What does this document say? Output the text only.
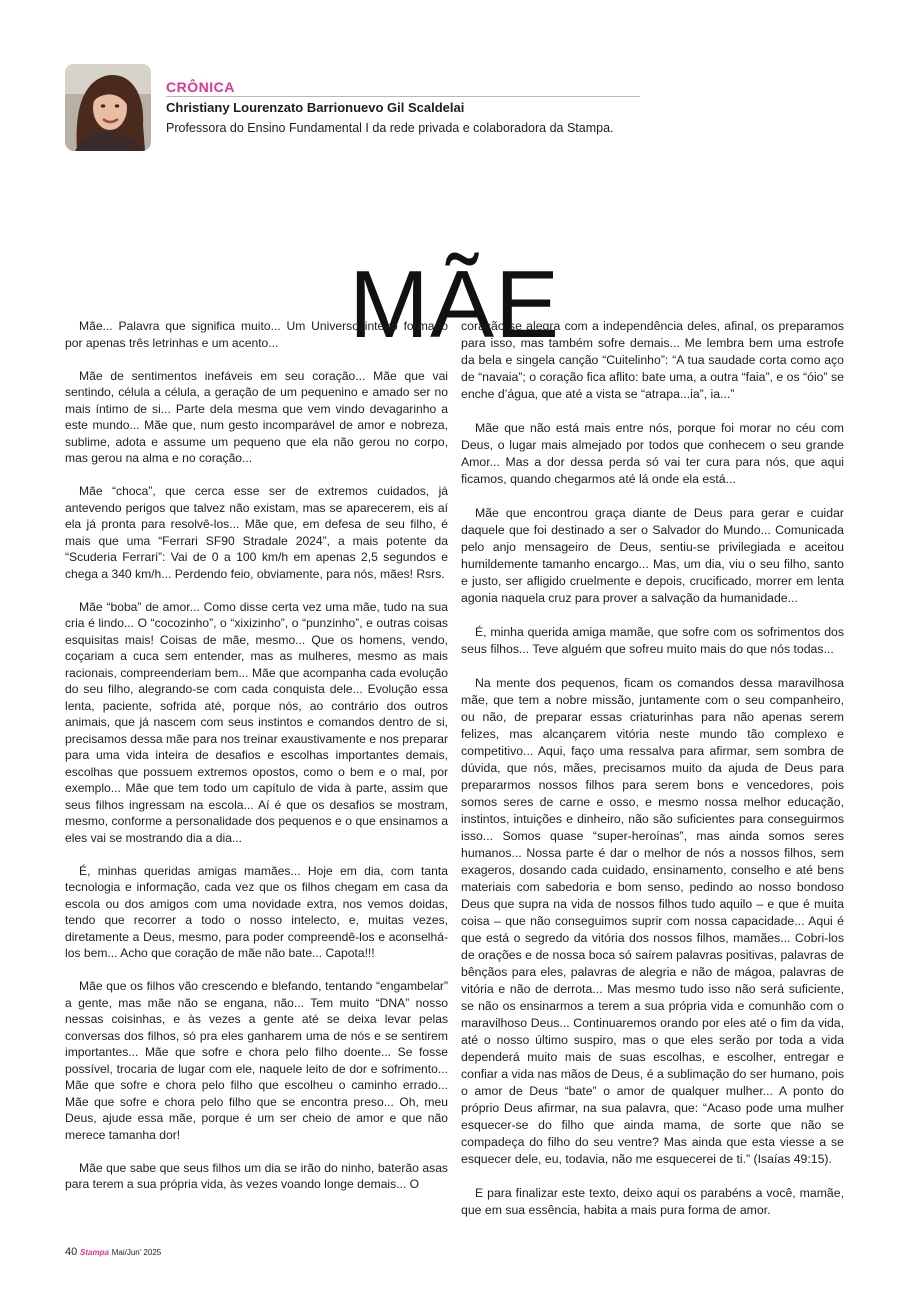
CRÔNICA
Christiany Lourenzato Barrionuevo Gil Scaldelai
Professora do Ensino Fundamental I da rede privada e colaboradora da Stampa.
MÃE

Mãe... Palavra que significa muito... Um Universo inteiro formado por apenas três letrinhas e um acento...

Mãe de sentimentos inefáveis em seu coração... Mãe que vai sentindo, célula a célula, a geração de um pequenino e amado ser no mais íntimo de si... Parte dela mesma que vem vindo devagarinho a este mundo... Mãe que, num gesto incomparável de amor e nobreza, sublime, adota e assume um pequeno que ela não gerou no corpo, mas gerou na alma e no coração...

Mãe “choca”, que cerca esse ser de extremos cuidados, já antevendo perigos que talvez não existam, mas se aparecerem, eis aí ela já pronta para resolvê-los... Mãe que, em defesa de seu filho, é mais que uma “Ferrari SF90 Stradale 2024”, a mais potente da “Scuderia Ferrari”: Vai de 0 a 100 km/h em apenas 2,5 segundos e chega a 340 km/h... Perdendo feio, obviamente, para nós, mães! Rsrs.

Mãe “boba” de amor... Como disse certa vez uma mãe, tudo na sua cria é lindo... O “cocozinho”, o “xixizinho”, o “punzinho”, e outras coisas esquisitas mais! Coisas de mãe, mesmo... Que os homens, vendo, coçariam a cuca sem entender, mas as mulheres, mesmo as mais racionais, compreenderiam bem... Mãe que acompanha cada evolução do seu filho, alegrando-se com cada conquista dele... Evolução essa lenta, paciente, sofrida até, porque nós, ao contrário dos outros animais, que já nascem com seus instintos e comandos dentro de si, precisamos dessa mãe para nos treinar exaustivamente e nos preparar para uma vida inteira de desafios e escolhas importantes demais, escolhas que possuem extremos opostos, como o bem e o mal, por exemplo... Mãe que tem todo um capítulo de vida à parte, assim que seus filhos ingressam na escola... Aí é que os desafios se mostram, mesmo, conforme a personalidade dos pequenos e o que ensinamos a eles vai se mostrando dia a dia...

É, minhas queridas amigas mamães... Hoje em dia, com tanta tecnologia e informação, cada vez que os filhos chegam em casa da escola ou dos amigos com uma novidade extra, nos vemos doidas, tendo que recorrer a todo o nosso intelecto, e, muitas vezes, diretamente a Deus, mesmo, para poder compreendê-los e aconselhá-los bem... Acho que coração de mãe não bate... Capota!!!

Mãe que os filhos vão crescendo e blefando, tentando “engambelar” a gente, mas mãe não se engana, não... Tem muito “DNA” nosso nessas coisinhas, e às vezes a gente até se deixa levar pelas conversas dos filhos, só pra eles ganharem uma de nós e se sentirem importantes... Mãe que sofre e chora pelo filho doente... Se fosse possível, trocaria de lugar com ele, naquele leito de dor e sofrimento... Mãe que sofre e chora pelo filho que escolheu o caminho errado... Mãe que sofre e chora pelo filho que se encontra preso... Oh, meu Deus, ajude essa mãe, porque é um ser cheio de amor e que não merece tamanha dor!

Mãe que sabe que seus filhos um dia se irão do ninho, baterão asas para terem a sua própria vida, às vezes voando longe demais... O

coração se alegra com a independência deles, afinal, os preparamos para isso, mas também sofre demais... Me lembra bem uma estrofe da bela e singela canção “Cuitelinho”: “A tua saudade corta como aço de “navaia”; o coração fica aflito: bate uma, a outra “faia”, e os “óio” se enche d’água, que até a vista se “atrapa...ia”, ia...”

Mãe que não está mais entre nós, porque foi morar no céu com Deus, o lugar mais almejado por todos que conhecem o seu grande Amor... Mas a dor dessa perda só vai ter cura para nós, que aqui ficamos, quando chegarmos até lá onde ela está...

Mãe que encontrou graça diante de Deus para gerar e cuidar daquele que foi destinado a ser o Salvador do Mundo... Comunicada pelo anjo mensageiro de Deus, sentiu-se privilegiada e aceitou humildemente tamanho encargo... Mas, um dia, viu o seu filho, santo e justo, ser afligido cruelmente e depois, crucificado, morrer em lenta agonia naquela cruz para prover a salvação da humanidade...

É, minha querida amiga mamãe, que sofre com os sofrimentos dos seus filhos... Teve alguém que sofreu muito mais do que nós todas...

Na mente dos pequenos, ficam os comandos dessa maravilhosa mãe, que tem a nobre missão, juntamente com o seu companheiro, ou não, de preparar essas criaturinhas para não apenas serem felizes, mas alcançarem vitória neste mundo tão complexo e competitivo... Aqui, faço uma ressalva para afirmar, sem sombra de dúvida, que nós, mães, precisamos muito da ajuda de Deus para prepararmos nossos filhos para serem bons e vencedores, pois somos seres de carne e osso, e mesmo nossa melhor educação, instintos, intuições e dinheiro, não são suficientes para conseguirmos isso... Somos quase “super-heroínas”, mas ainda somos seres humanos... Nossa parte é dar o melhor de nós a nossos filhos, sem exageros, dosando cada cuidado, ensinamento, conselho e até bens materiais com sabedoria e bom senso, pedindo ao nosso bondoso Deus que supra na vida de nossos filhos tudo aquilo – e que é muita coisa – que não conseguimos suprir com nossa capacidade... Aqui é que está o segredo da vitória dos nossos filhos, mamães... Cobri-los de orações e de nossa boca só saírem palavras positivas, palavras de bênçãos para eles, palavras de alegria e não de mágoa, palavras de vitória e não de derrota... Mas mesmo tudo isso não será suficiente, se não os ensinarmos a terem a sua própria vida e comunhão com o maravilhoso Deus... Continuaremos orando por eles até o fim da vida, até o nosso último suspiro, mas o que eles serão por toda a vida dependerá muito mais de suas escolhas, e escolher, entregar e confiar a vida nas mãos de Deus, é a sublimação do ser humano, pois o amor de Deus “bate” o amor de qualquer mulher... A ponto do próprio Deus afirmar, na sua palavra, que: “Acaso pode uma mulher esquecer-se do filho que ainda mama, de sorte que não se compadeça do filho do seu ventre? Mas ainda que esta viesse a se esquecer dele, eu, todavia, não me esquecerei de ti.” (Isaías 49:15).

E para finalizar este texto, deixo aqui os parabéns a você, mamãe, que em sua essência, habita a mais pura forma de amor.

40 Stampa Mai/Jun’ 2025
